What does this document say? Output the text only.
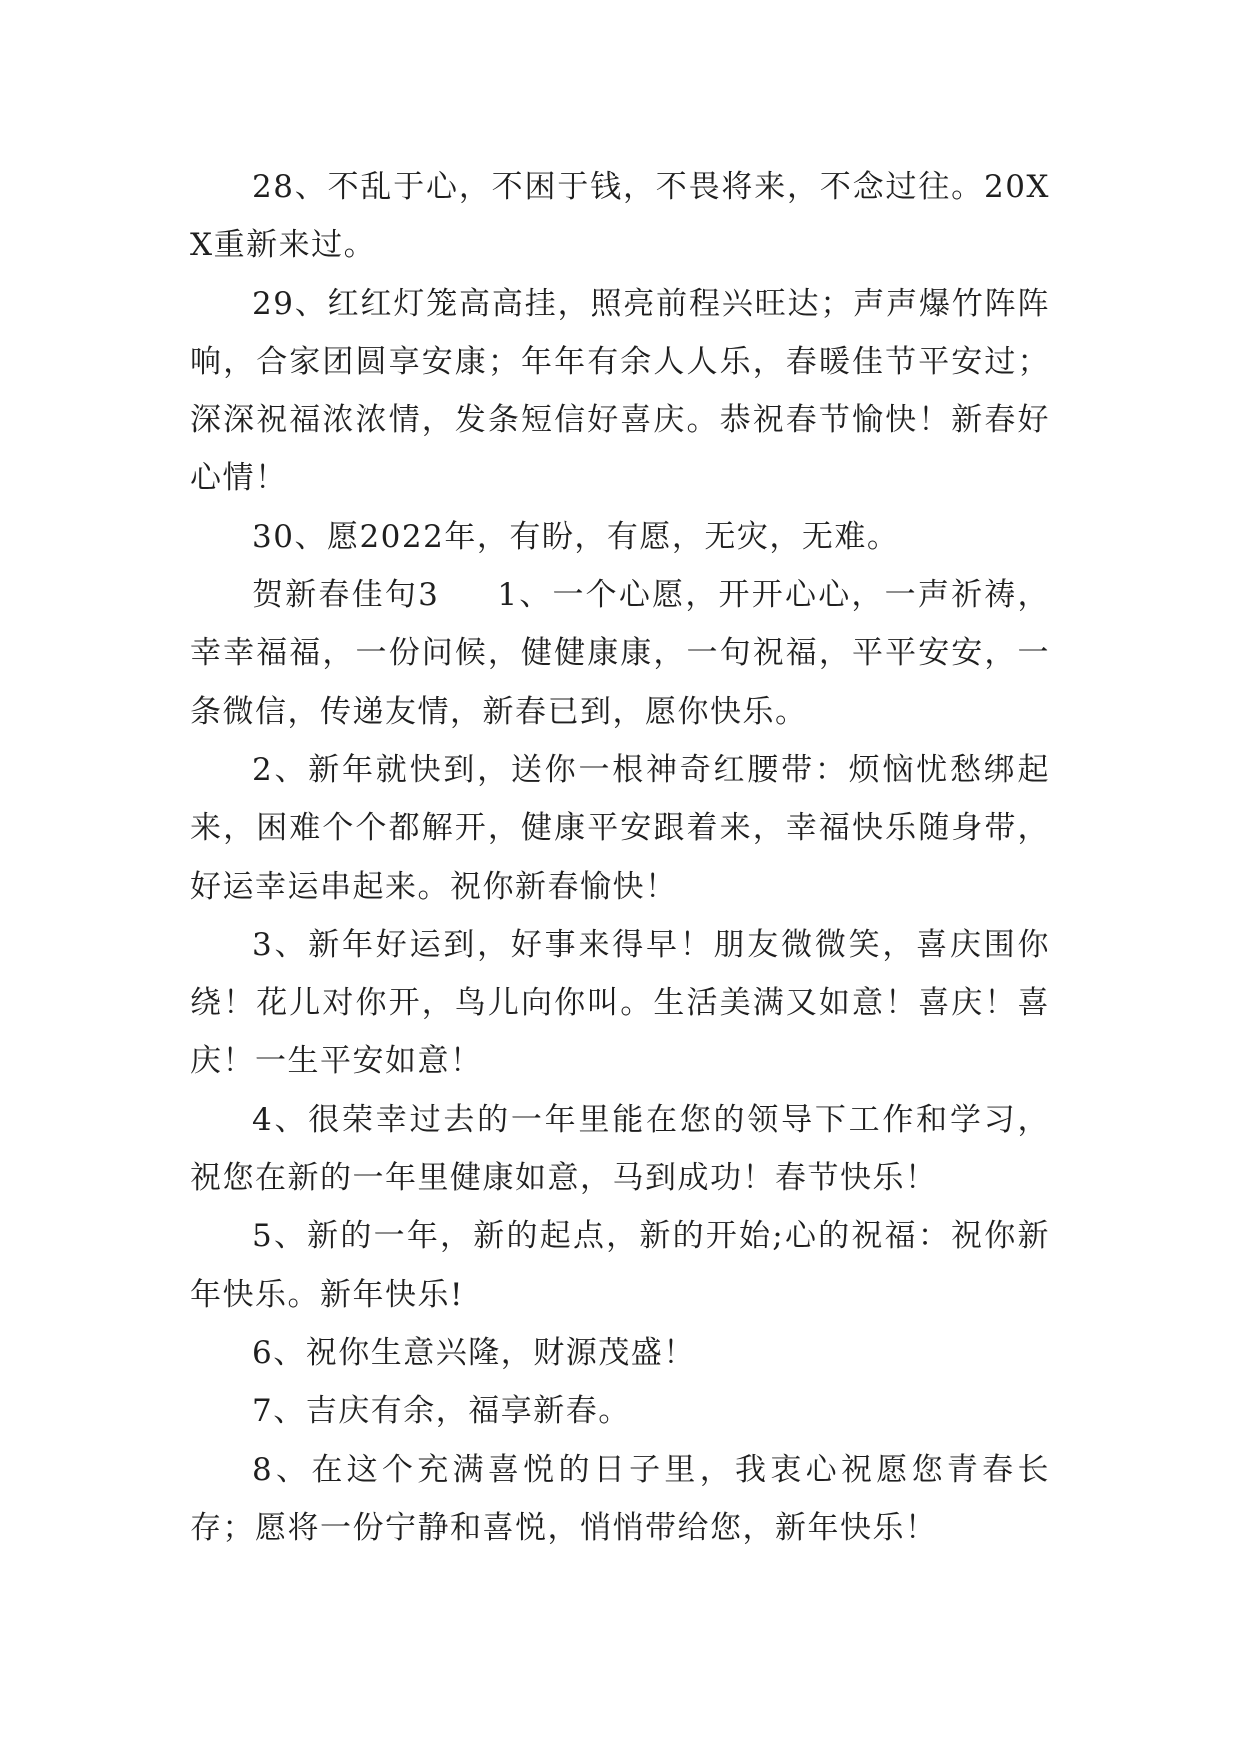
28、不乱于心，不困于钱，不畏将来，不念过往。20XX重新来过。

29、红红灯笼高高挂，照亮前程兴旺达；声声爆竹阵阵响，合家团圆享安康；年年有余人人乐，春暖佳节平安过；深深祝福浓浓情，发条短信好喜庆。恭祝春节愉快！新春好心情！

30、愿2022年，有盼，有愿，无灾，无难。

贺新春佳句3 1、一个心愿，开开心心，一声祈祷，幸幸福福，一份问候，健健康康，一句祝福，平平安安，一条微信，传递友情，新春已到，愿你快乐。

2、新年就快到，送你一根神奇红腰带：烦恼忧愁绑起来，困难个个都解开，健康平安跟着来，幸福快乐随身带，好运幸运串起来。祝你新春愉快！

3、新年好运到，好事来得早！朋友微微笑，喜庆围你绕！花儿对你开，鸟儿向你叫。生活美满又如意！喜庆！喜庆！一生平安如意！

4、很荣幸过去的一年里能在您的领导下工作和学习，祝您在新的一年里健康如意，马到成功！春节快乐！

5、新的一年，新的起点，新的开始;心的祝福：祝你新年快乐。新年快乐!

6、祝你生意兴隆，财源茂盛！

7、吉庆有余，福享新春。

8、在这个充满喜悦的日子里，我衷心祝愿您青春长存；愿将一份宁静和喜悦，悄悄带给您，新年快乐！
